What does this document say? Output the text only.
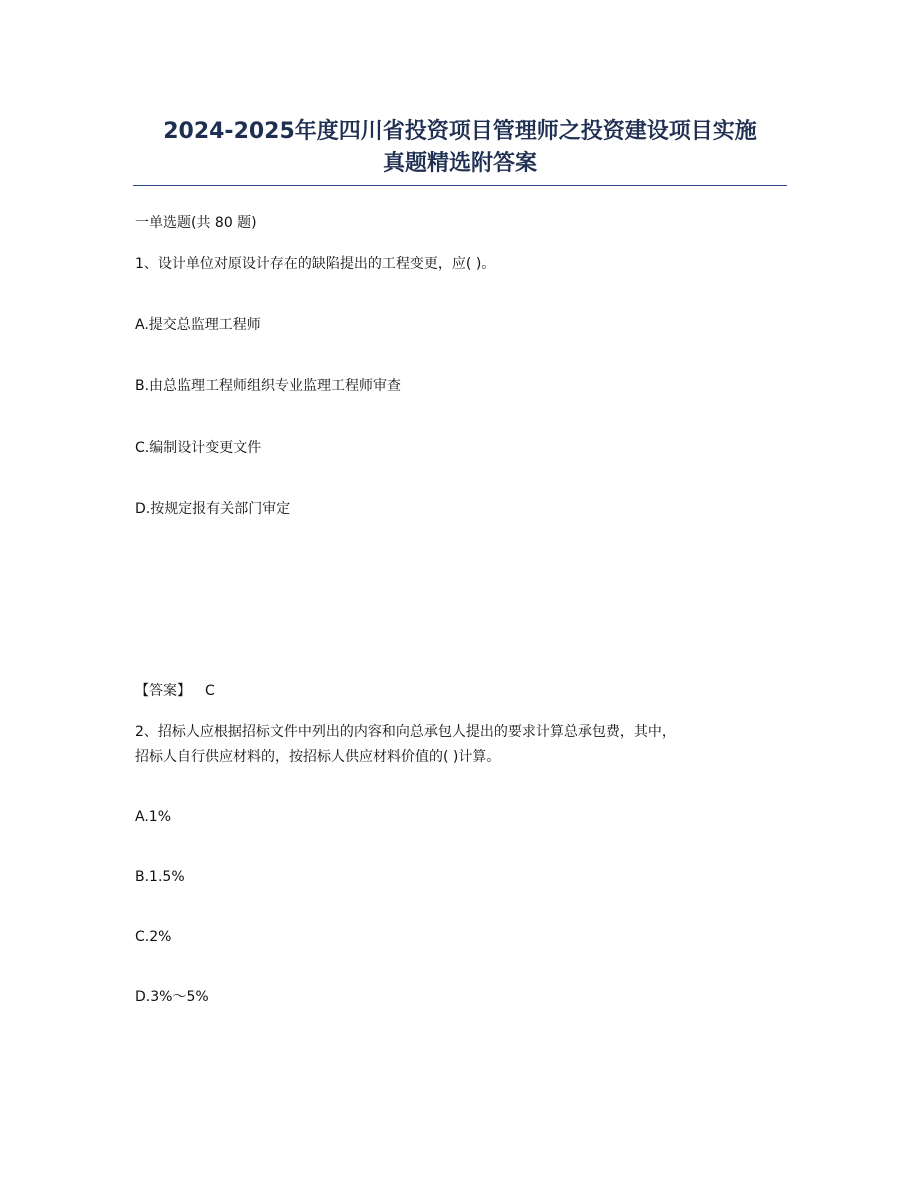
2024-2025年度四川省投资项目管理师之投资建设项目实施
真题精选附答案

一单选题(共 80 题)

1、设计单位对原设计存在的缺陷提出的工程变更，应( )。

A.提交总监理工程师

B.由总监理工程师组织专业监理工程师审查

C.编制设计变更文件

D.按规定报有关部门审定

【答案】 C

2、招标人应根据招标文件中列出的内容和向总承包人提出的要求计算总承包费，其中，

招标人自行供应材料的，按招标人供应材料价值的( )计算。

A.1%

B.1.5%

C.2%

D.3%～5%
